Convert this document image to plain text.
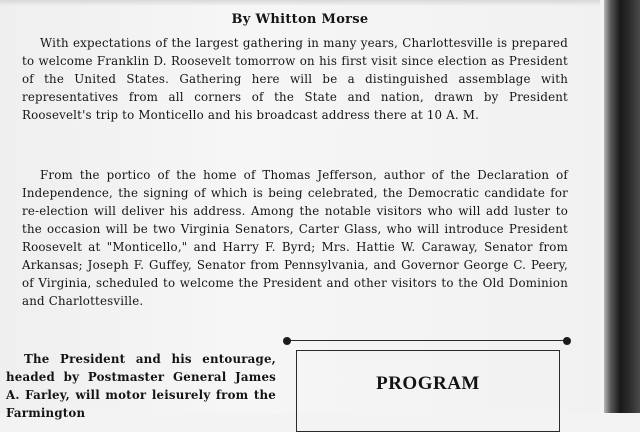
By Whitton Morse
With expectations of the largest gathering in many years, Charlottesville is prepared to welcome Franklin D. Roosevelt tomorrow on his first visit since election as President of the United States. Gathering here will be a distinguished assemblage with representatives from all corners of the State and nation, drawn by President Roosevelt's trip to Monticello and his broadcast address there at 10 A. M.
From the portico of the home of Thomas Jefferson, author of the Declaration of Independence, the signing of which is being celebrated, the Democratic candidate for re-election will deliver his address. Among the notable visitors who will add luster to the occasion will be two Virginia Senators, Carter Glass, who will introduce President Roosevelt at "Monticello," and Harry F. Byrd; Mrs. Hattie W. Caraway, Senator from Arkansas; Joseph F. Guffey, Senator from Pennsylvania, and Governor George C. Peery, of Virginia, scheduled to welcome the President and other visitors to the Old Dominion and Charlottesville.
The President and his entourage, headed by Postmaster General James A. Farley, will motor leisurely from the Farmington
PROGRAM
